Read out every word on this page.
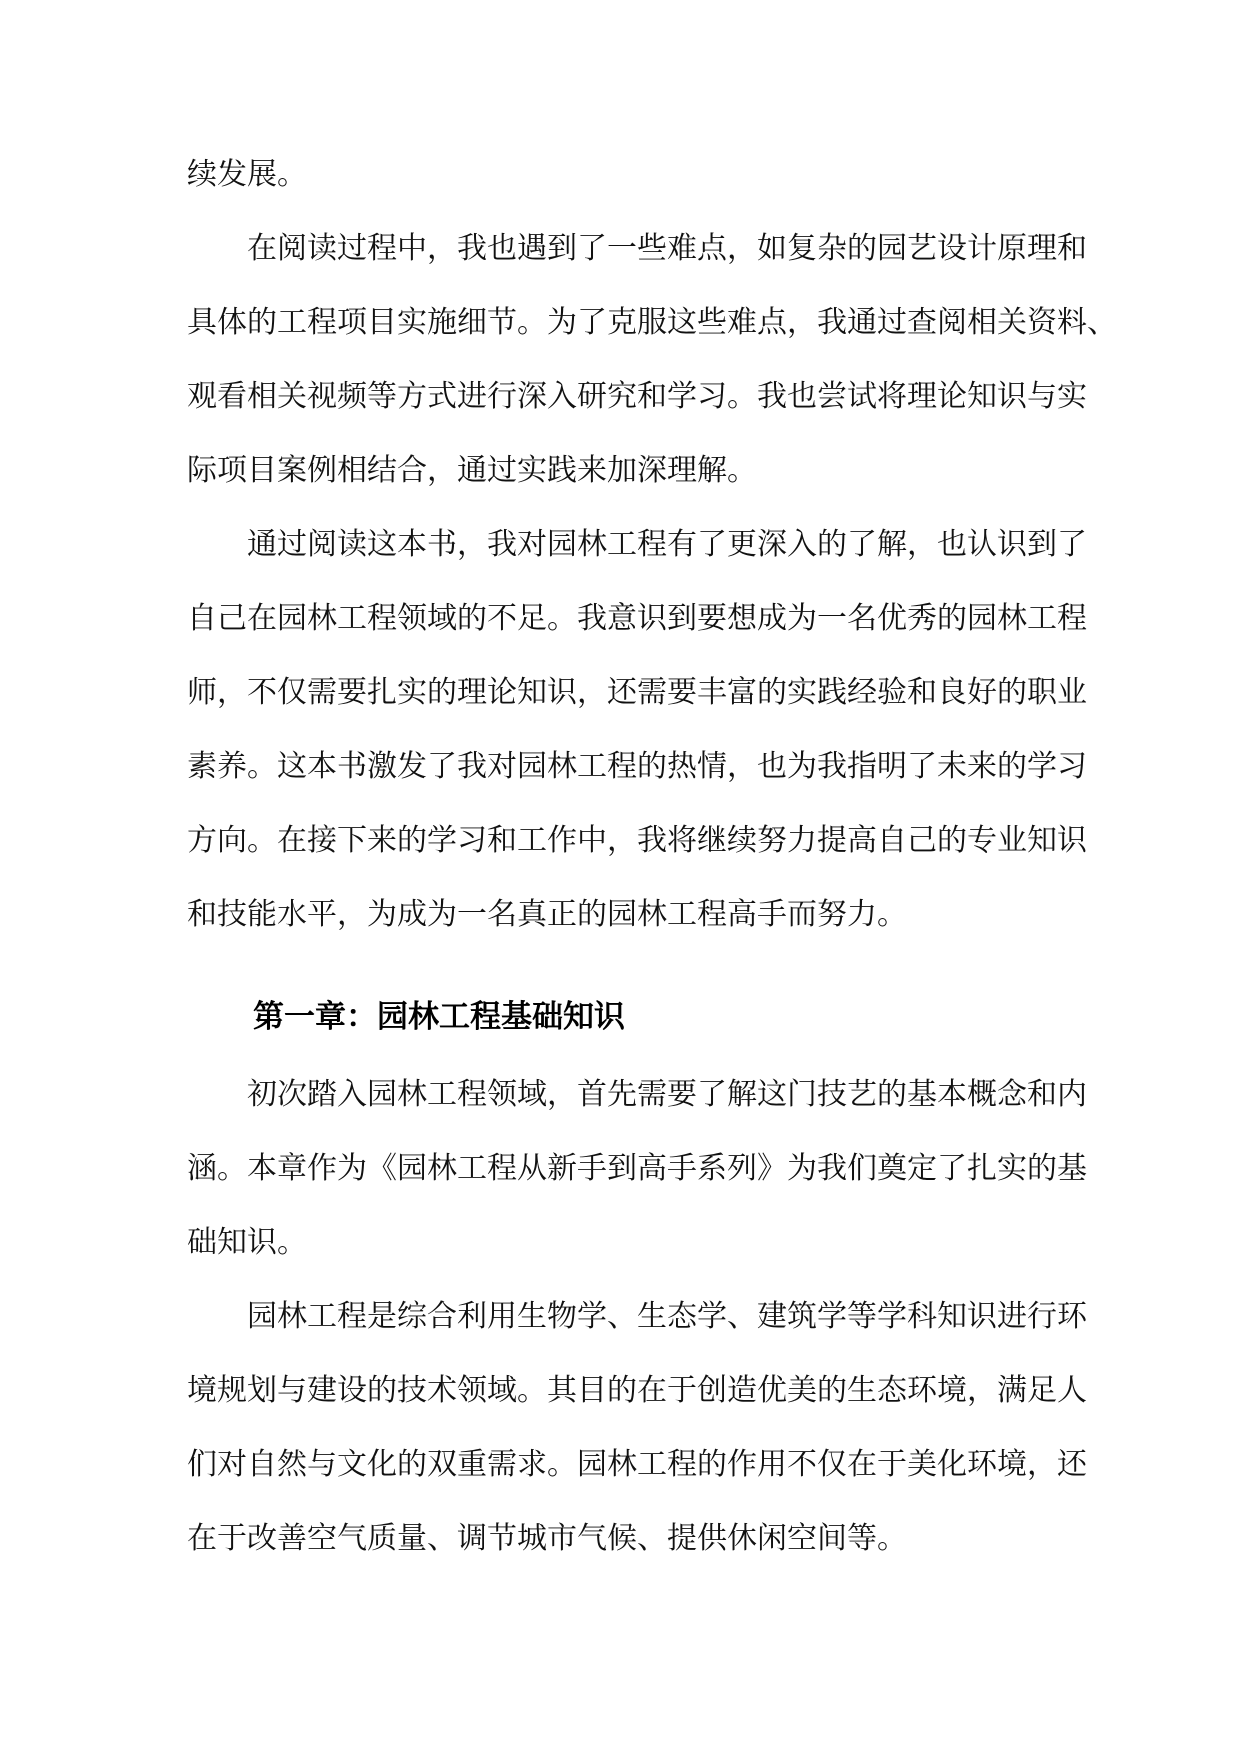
续发展。
在阅读过程中，我也遇到了一些难点，如复杂的园艺设计原理和
具体的工程项目实施细节。为了克服这些难点，我通过查阅相关资料、
观看相关视频等方式进行深入研究和学习。我也尝试将理论知识与实
际项目案例相结合，通过实践来加深理解。
通过阅读这本书，我对园林工程有了更深入的了解，也认识到了
自己在园林工程领域的不足。我意识到要想成为一名优秀的园林工程
师，不仅需要扎实的理论知识，还需要丰富的实践经验和良好的职业
素养。这本书激发了我对园林工程的热情，也为我指明了未来的学习
方向。在接下来的学习和工作中，我将继续努力提高自己的专业知识
和技能水平，为成为一名真正的园林工程高手而努力。
第一章：园林工程基础知识
初次踏入园林工程领域，首先需要了解这门技艺的基本概念和内
涵。本章作为《园林工程从新手到高手系列》为我们奠定了扎实的基
础知识。
园林工程是综合利用生物学、生态学、建筑学等学科知识进行环
境规划与建设的技术领域。其目的在于创造优美的生态环境，满足人
们对自然与文化的双重需求。园林工程的作用不仅在于美化环境，还
在于改善空气质量、调节城市气候、提供休闲空间等。
